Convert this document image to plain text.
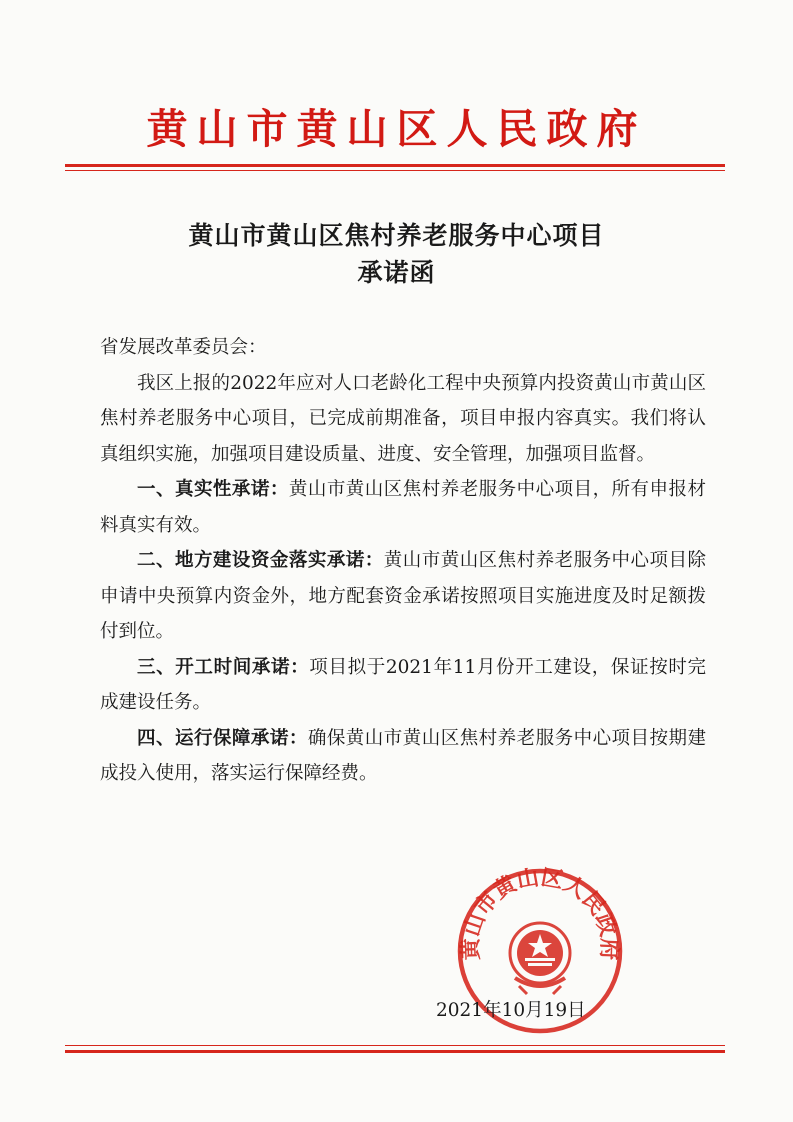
黄山市黄山区人民政府
黄山市黄山区焦村养老服务中心项目
承诺函

省发展改革委员会：

我区上报的2022年应对人口老龄化工程中央预算内投资黄山市黄山区焦村养老服务中心项目，已完成前期准备，项目申报内容真实。我们将认真组织实施，加强项目建设质量、进度、安全管理，加强项目监督。

一、真实性承诺：黄山市黄山区焦村养老服务中心项目，所有申报材料真实有效。

二、地方建设资金落实承诺：黄山市黄山区焦村养老服务中心项目除申请中央预算内资金外，地方配套资金承诺按照项目实施进度及时足额拨付到位。

三、开工时间承诺：项目拟于2021年11月份开工建设，保证按时完成建设任务。

四、运行保障承诺：确保黄山市黄山区焦村养老服务中心项目按期建成投入使用，落实运行保障经费。

黄山市黄山区人民政府
2021年10月19日
